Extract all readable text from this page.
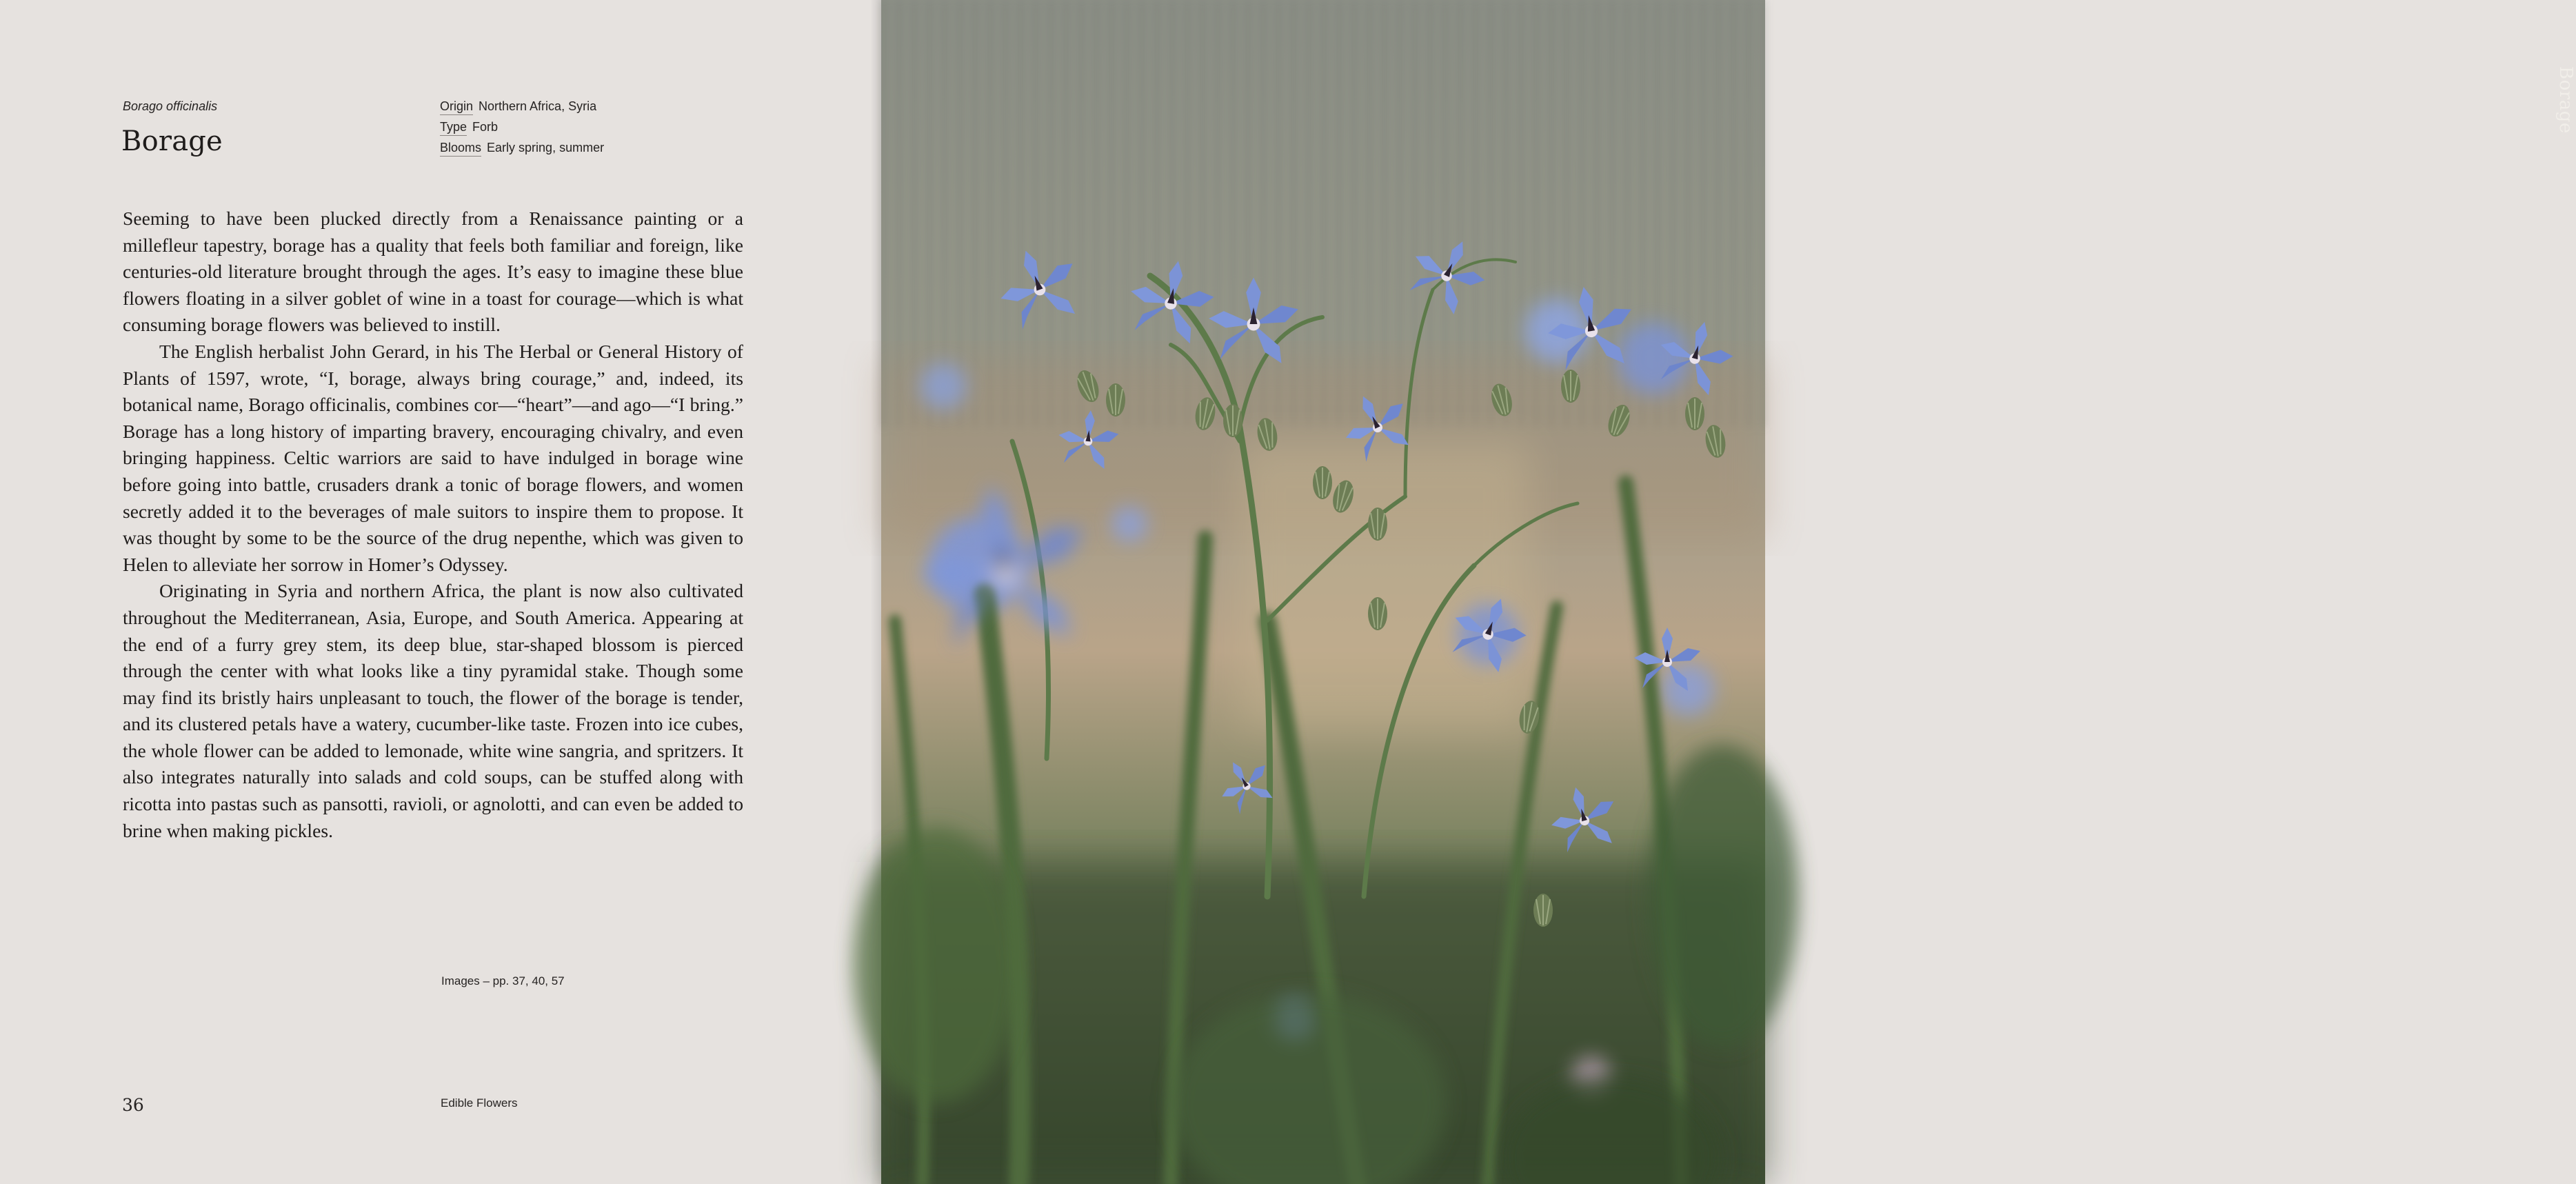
Borago officinalis
Borage
Origin Northern Africa, Syria
Type Forb
Blooms Early spring, summer

Seeming to have been plucked directly from a Renaissance painting or a millefleur tapestry, borage has a quality that feels both familiar and foreign, like centuries-old literature brought through the ages. It’s easy to imagine these blue flowers floating in a silver goblet of wine in a toast for courage—which is what consuming borage flowers was believed to instill.

The English herbalist John Gerard, in his The Herbal or General History of Plants of 1597, wrote, “I, borage, always bring courage,” and, indeed, its botanical name, Borago officinalis, combines cor—“heart”—and ago—“I bring.” Borage has a long history of imparting bravery, encouraging chivalry, and even bringing happiness. Celtic warriors are said to have indulged in borage wine before going into battle, crusaders drank a tonic of borage flowers, and women secretly added it to the beverages of male suitors to inspire them to propose. It was thought by some to be the source of the drug nepenthe, which was given to Helen to alleviate her sorrow in Homer’s Odyssey.

Originating in Syria and northern Africa, the plant is now also cultivated throughout the Mediterranean, Asia, Europe, and South America. Appearing at the end of a furry grey stem, its deep blue, star-shaped blossom is pierced through the center with what looks like a tiny pyramidal stake. Though some may find its bristly hairs unpleasant to touch, the flower of the borage is tender, and its clustered petals have a watery, cucumber-like taste. Frozen into ice cubes, the whole flower can be added to lemonade, white wine sangria, and spritzers. It also integrates naturally into salads and cold soups, can be stuffed along with ricotta into pastas such as pansotti, ravioli, or agnolotti, and can even be added to brine when making pickles.

Images – pp. 37, 40, 57
36	Edible Flowers
Borage
